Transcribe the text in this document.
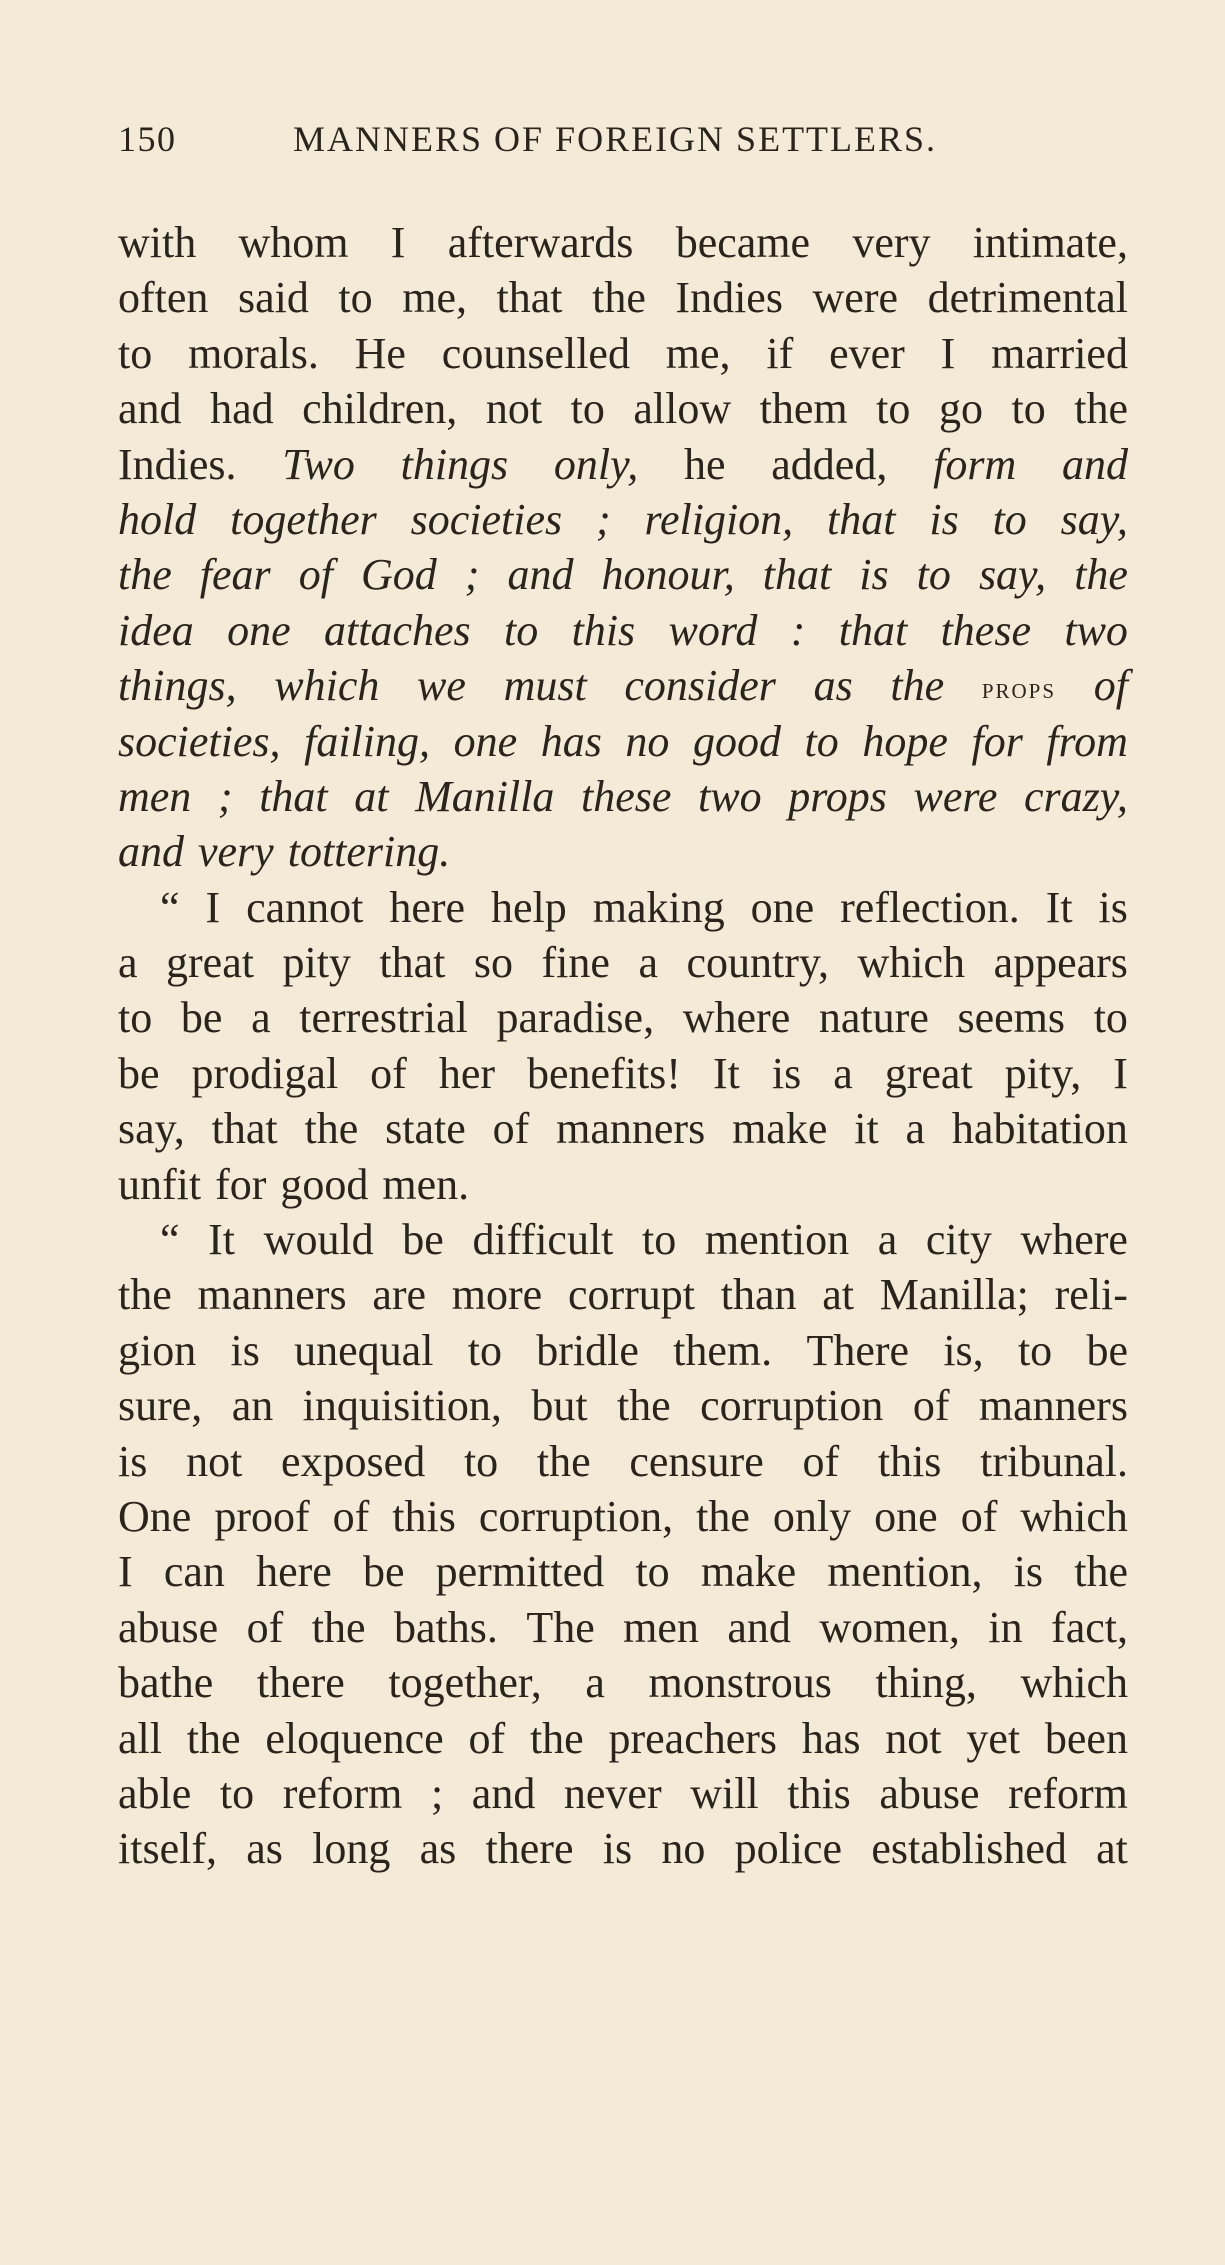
150	MANNERS OF FOREIGN SETTLERS.
with whom I afterwards became very intimate,
often said to me, that the Indies were detrimental
to morals. He counselled me, if ever I married
and had children, not to allow them to go to the
Indies. Two things only, he added, form and
hold together societies ; religion, that is to say,
the fear of God ; and honour, that is to say, the
idea one attaches to this word : that these two
things, which we must consider as the props of
societies, failing, one has no good to hope for from
men ; that at Manilla these two props were crazy,
and very tottering.
“ I cannot here help making one reflection. It is
a great pity that so fine a country, which appears
to be a terrestrial paradise, where nature seems to
be prodigal of her benefits! It is a great pity, I
say, that the state of manners make it a habitation
unfit for good men.
“ It would be difficult to mention a city where
the manners are more corrupt than at Manilla; reli-
gion is unequal to bridle them. There is, to be
sure, an inquisition, but the corruption of manners
is not exposed to the censure of this tribunal.
One proof of this corruption, the only one of which
I can here be permitted to make mention, is the
abuse of the baths. The men and women, in fact,
bathe there together, a monstrous thing, which
all the eloquence of the preachers has not yet been
able to reform ; and never will this abuse reform
itself, as long as there is no police established at
